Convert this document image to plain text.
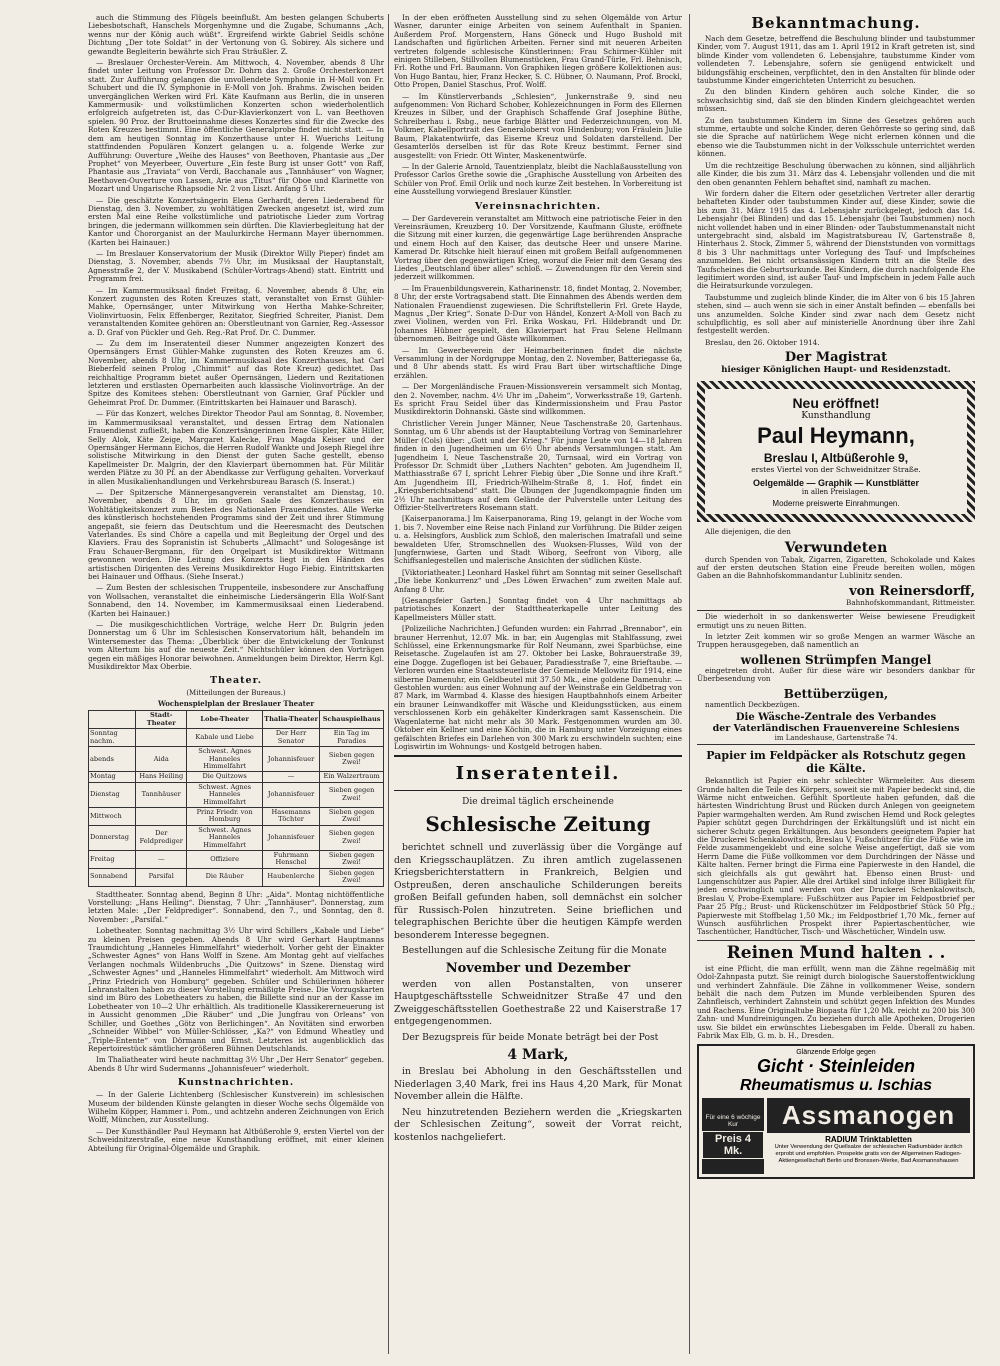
auch die Stimmung des Flügels beeinflußt. Am besten gelangen Schuberts Liebesbotschaft, Hanschels Morgenhymne und die Zugabe, Schumanns „Ach, wenns nur der König auch wüßt“. Ergreifend wirkte Gabriel Seidls schöne Dichtung „Der tote Soldat“ in der Vertonung von G. Sobirey. Als sichere und gewandte Begleiterin bewährte sich Frau Sträußler. Z.

— Breslauer Orchester-Verein. Am Mittwoch, 4. November, abends 8 Uhr findet unter Leitung von Professor Dr. Dohrn das 2. Große Orchesterkonzert statt. Zur Aufführung gelangen die unvollendete Symphonie in H-Moll von Fr. Schubert und die IV. Symphonie in E-Moll von Joh. Brahms. Zwischen beiden unvergänglichen Werken wird Frl. Käte Kaufmann aus Berlin, die in unseren Kammermusik- und volkstümlichen Konzerten schon wiederholentlich erfolgreich aufgetreten ist, das C-Dur-Klavierkonzert von L. van Beethoven spielen. 90 Proz. der Bruttoeinnahme dieses Konzertes sind für die Zwecke des Roten Kreuzes bestimmt. Eine öffentliche Generalprobe findet nicht statt. — In dem am heutigen Sonntag im Konzerthause unter H. Wuerichs Leitung stattfindenden Populären Konzert gelangen u. a. folgende Werke zur Aufführung: Ouverture „Weihe des Hauses“ von Beethoven, Phantasie aus „Der Prophet“ von Meyerbeer, Ouverture „Ein feste Burg ist unser Gott“ von Raff, Phantasie aus „Traviata“ von Verdi, Bacchanale aus „Tannhäuser“ von Wagner, Beethoven-Ouverture von Lassen, Arie aus „Titus“ für Oboe und Klarinette von Mozart und Ungarische Rhapsodie Nr. 2 von Liszt. Anfang 5 Uhr.

— Die geschätzte Konzertsängerin Elena Gerhardt, deren Liederabend für Dienstag, den 3. November, zu wohltätigen Zwecken angesetzt ist, wird zum ersten Mal eine Reihe volkstümliche und patriotische Lieder zum Vortrag bringen, die jedermann willkommen sein dürften. Die Klavierbegleitung hat der Kantor und Chororganist an der Maulurkirche Hermann Mayer übernommen. (Karten bei Hainauer.)

— Im Breslauer Konservatorium der Musik (Direktor Willy Pieper) findet am Dienstag, 3. November, abends 7½ Uhr, im Musiksaal der Hauptanstalt, Agnesstraße 2, der V. Musikabend (Schüler-Vortrags-Abend) statt. Eintritt und Programm frei.

— Im Kammermusiksaal findet Freitag, 6. November, abends 8 Uhr, ein Konzert zugunsten des Roten Kreuzes statt, veranstaltet von Ernst Gühler-Mahke, Opernsänger, unter Mitwirkung von Hertha Mahke-Schreiter, Violinvirtuosin, Felix Effenberger, Rezitator, Siegfried Schreiter, Pianist. Dem veranstaltenden Komitee gehören an: Oberstleutnant von Garnier, Reg.-Assessor a. D. Graf von Pückler und Geh. Reg.-Rat Prof. Dr. C. Dummer.

— Zu dem im Inseratenteil dieser Nummer angezeigten Konzert des Opernsängers Ernst Gühler-Mahke zugunsten des Roten Kreuzes am 6. November, abends 8 Uhr, im Kammermusiksaal des Konzerthauses, hat Carl Bieberfeld seinen Prolog „Chimmit“ auf das Rote Kreuz) gedichtet. Das reichhaltige Programm bietet außer Opernsängen, Liedern und Rezitationen letzteren und erstlasten Opernarbeiten auch klassische Violinvorträge. An der Spitze des Komitees stehen: Oberstleutnant von Garnier, Graf Pückler und Geheimrat Prof. Dr. Dummer. (Eintrittskarten bei Hainauer und Barasch).

— Für das Konzert, welches Direktor Theodor Paul am Sonntag, 8. November, im Kammermusiksaal veranstaltet, und dessen Ertrag dem Nationalen Frauendienst zufließt, haben die Konzertsängerinnen Irene Gispler, Käte Hiller, Selly Alok, Käte Zeige, Margaret Kalecke, Frau Magda Keiser und der Opernsänger Hermann Eichos, die Herren Rudolf Wankte und Joseph Riegel ihre solistische Mitwirkung in den Dienst der guten Sache gestellt, ebenso Kapellmeister Dr. Malgrin, der den Klavierpart übernommen hat. Für Militär werden Plätze zu 30 Pf. an der Abendkasse zur Verfügung gehalten. Vorverkauf in allen Musikalienhandlungen und Verkehrsbureau Barasch (S. Inserat.)

— Der Spitzersche Männergesangverein veranstaltet am Dienstag, 10. November, abends 8 Uhr, im großen Saale des Konzerthauses ein Wohltätigkeitskonzert zum Besten des Nationalen Frauendienstes. Alle Werke des künstlerisch hochstehenden Programms sind der Zeit und ihrer Stimmung angepaßt, sie feiern das Deutschtum und die Heeresmacht des Deutschen Vaterlandes. Es sind Chöre a capella und mit Begleitung der Orgel und des Klaviers. Frau des Sopranistin ist Schuberts „Allmacht“ und Sologesänge ist Frau Schauer-Bergmann, für den Orgelpart ist Musikdirektor Wittmann gewonnen worden. Die Leitung des Konzerts liegt in den Händen des artistischen Dirigenten des Vereins Musikdirektor Hugo Fiebig. Eintrittskarten bei Hainauer und Offhaus. (Siehe Inserat.)

— Zum Besten der schlesischen Truppenteile, insbesondere zur Anschaffung von Wollsachen, veranstaltet die einheimische Liedersängerin Ella Wolf-Sant Sonnabend, den 14. November, im Kammermusiksaal einen Liederabend. (Karten bei Hainauer.)

— Die musikgeschichtlichen Vorträge, welche Herr Dr. Bulgrin jeden Donnerstag um 6 Uhr im Schlesischen Konservatorium hält, behandeln im Wintersemester das Thema: „Überblick über die Entwickelung der Tonkunst vom Altertum bis auf die neueste Zeit.“ Nichtschüler können den Vorträgen gegen ein mäßiges Honorar beiwohnen. Anmeldungen beim Direktor, Herrn Kgl. Musikdirektor Max Oberbie.

Theater.
(Mitteilungen der Bureaus.)
Wochenspielplan der Breslauer Theater
	Stadt-Theater	Lobe-Theater	Thalia-Theater	Schauspielhaus
Sonntag nachm.		Kabale und Liebe	Der Herr Senator	Ein Tag im Paradies
abends	Aida	Schwest. Agnes Hanneles Himmelfahrt	Johannisfeuer	Sieben gegen Zwei!
Montag	Hans Heiling	Die Quitzows	—	Ein Walzertraum
Dienstag	Tannhäuser	Schwest. Agnes Hanneles Himmelfahrt	Johannisfeuer	Sieben gegen Zwei!
Mittwoch		Prinz Friedr. von Homburg	Hasemanns Töchter	Sieben gegen Zwei!
Donnerstag	Der Feldprediger	Schwest. Agnes Hanneles Himmelfahrt	Johannisfeuer	Sieben gegen Zwei!
Freitag	—	Offiziere	Fuhrmann Henschel	Sieben gegen Zwei!
Sonnabend	Parsifal	Die Räuber	Haubenlerche	Sieben gegen Zwei!

Stadttheater. Sonntag abend, Beginn 8 Uhr: „Aida“. Montag nichtöffentliche Vorstellung: „Hans Heiling“. Dienstag, 7 Uhr: „Tannhäuser“. Donnerstag, zum letzten Male: „Der Feldprediger“. Sonnabend, den 7., und Sonntag, den 8. November: „Parsifal.“

Lobetheater. Sonntag nachmittag 3½ Uhr wird Schillers „Kabale und Liebe“ zu kleinen Preisen gegeben. Abends 8 Uhr wird Gerhart Hauptmanns Traumdichtung „Hanneles Himmelfahrt“ wiederholt. Vorher geht der Einakter „Schwester Agnes“ von Hans Wolff in Szene. Am Montag geht auf vielfaches Verlangen nochmals Wildenbruchs „Die Quitzows“ in Szene. Dienstag wird „Schwester Agnes“ und „Hanneles Himmelfahrt“ wiederholt. Am Mittwoch wird „Prinz Friedrich von Homburg“ gegeben. Schüler und Schülerinnen höherer Lehranstalten haben zu dieser Vorstellung ermäßigte Preise. Die Vorzugskarten sind im Büro des Lobetheaters zu haben, die Billette sind nur an der Kasse im Lobetheater von 10—2 Uhr erhältlich. Als traditionelle Klassikererneuerung ist in Aussicht genommen „Die Räuber“ und „Die Jungfrau von Orleans“ von Schiller, und Goethes „Götz von Berlichingen“. An Novitäten sind erworben „Schneider Wibbel“ von Müller-Schlösser, „Ka?“ von Edmund Wheatley und „Triple-Entente“ von Dörmann und Ernst. Letzteres ist augenblicklich das Repertoirestück sämtlicher größeren Bühnen Deutschlands.

Im Thaliatheater wird heute nachmittag 3½ Uhr „Der Herr Senator“ gegeben. Abends 8 Uhr wird Sudermanns „Johannisfeuer“ wiederholt.

Kunstnachrichten.

— In der Galerie Lichtenberg (Schlesischer Kunstverein) im schlesischen Museum der bildenden Künste gelangten in dieser Woche sechs Ölgemälde von Wilhelm Köpper, Hammer i. Pom., und achtzehn anderen Zeichnungen von Erich Wolff, München, zur Ausstellung.

— Der Kunsthändler Paul Heymann hat Altbüßerohle 9, ersten Viertel von der Schweidnitzerstraße, eine neue Kunsthandlung eröffnet, mit einer kleinen Abteilung für Original-Ölgemälde und Graphik.

In der eben eröffneten Ausstellung sind zu sehen Ölgemälde von Artur Wasner, darunter einige Arbeiten von seinem Aufenthalt in Spanien. Außerdem Prof. Morgenstern, Hans Göneck und Hugo Bushold mit Landschaften und figürlichen Arbeiten. Ferner sind mit neueren Arbeiten vertreten folgende schlesische Künstlerinnen: Frau Schirmer-Kühler mit einigen Stilleben, Stillvollen Blumenstücken, Frau Grand-Türle, Frl. Behnisch, Frl. Rothe und Frl. Baumann. Von Graphiken liegen größere Kollektionen aus: Von Hugo Bantau, hier, Franz Hecker, S. C. Hübner, O. Naumann, Prof. Brockl, Otto Propen, Daniel Staschus, Prof. Wolff.

— Im Künstlerverbands „Schlesien“, Junkernstraße 9, sind neu aufgenommen: Von Richard Schober, Kohlezeichnungen in Form des Ellernen Kreuzes in Silber, und der Graphisch Schaffende Graf Josephine Büthe, Schreiberhau i. Rsbg., neue farbige Blätter und Federzeichnungen, von M. Volkmer, Kabellportrait des Generaloberst von Hindenburg; von Fräulein Julie Baum, Plakatentwürfe, das Eiserne Kreuz und Soldaten darstellend. Der Gesamterlös derselben ist für das Rote Kreuz bestimmt. Ferner sind ausgestellt: von Friedr. Ott Winter, Maskenentwürfe.

— In der Galerie Arnold, Tauentzienplatz, bleibt die Nachlaßausstellung von Professor Carlos Grethe sowie die „Graphische Ausstellung von Arbeiten des Schüler von Prof. Emil Orlik und noch kurze Zeit bestehen. In Vorbereitung ist eine Ausstellung vorwiegend Breslauer Künstler.

Vereinsnachrichten.

— Der Gardeverein veranstaltet am Mittwoch eine patriotische Feier in den Vereinsräumen, Kreuzberg 10. Der Vorsitzende, Kaufmann Gluste, eröffnete die Sitzung mit einer kurzen, die gegenwärtige Lage berührenden Ansprache und einem Hoch auf den Kaiser, das deutsche Heer und unsere Marine. Kamerad Dr. Ritschke hielt hierauf einen mit großem Beifall aufgenommenen Vortrag über den gegenwärtigen Krieg, worauf die Feier mit dem Gesang des Liedes „Deutschland über alles“ schloß. — Zuwendungen für den Verein sind jederzeit willkommen.

— Im Frauenbildungsverein, Katharinenstr. 18, findet Montag, 2. November, 8 Uhr, der erste Vortragsabend statt. Die Einnahmen des Abends werden dem Nationalen Frauendienst zugewiesen. Die Schriftstellerin Frl. Grete Hayde, Magnus „Der Krieg“. Sonate D-Dur von Händel, Konzert A-Moll von Bach zu zwei Violinen, werden von Frl. Erika Woskau, Frl. Hildebrandt und Dr. Johannes Hübner gespielt, den Klavierpart hat Frau Selene Hellmann übernommen. Beiträge und Gäste willkommen.

— Im Gewerbeverein der Heimarbeiterinnen findet die nächste Versammlung in der Nordgruppe Montag, den 2. November, Batteriegasse 6a, und 8 Uhr abends statt. Es wird Frau Bart über wirtschaftliche Dinge erzählen.

— Der Morgenländische Frauen-Missionsverein versammelt sich Montag, den 2. November, nachm. 4½ Uhr im „Daheim“, Vorwerksstraße 19, Gartenh. Es spricht Frau Seidel über das Kindermissionsheim und Frau Pastor Musikdirektorin Dohnanski. Gäste sind willkommen.

Christlicher Verein Junger Männer, Neue Taschenstraße 20, Gartenhaus. Sonntag, um 6 Uhr abends ist der Hauptabteilung Vortrag von Seminarlehrer Müller (Cols) über: „Gott und der Krieg.“ Für junge Leute von 14—18 Jahren finden in den Jugendheimen um 6½ Uhr abends Versammlungen statt. Am Jugendheim I, Neue Taschenstraße 20, Turnsaal, wird ein Vortrag von Professor Dr. Schmidt über „Luthers Nachten“ geboten. Am Jugendheim II, Matthiasstraße 67 I, spricht Lehrer Fiebig über „Die Sonne und ihre Kraft.“ Am Jugendheim III, Friedrich-Wilhelm-Straße 8, 1. Hof, findet ein „Kriegsberichtsabend“ statt. Die Übungen der Jugendkompagnie finden um 2½ Uhr nachmittags auf dem Gelände der Pulverstelle unter Leitung des Offizier-Stellvertreters Rosemann statt.

[Kaiserpanorama.] Im Kaiserpanorama, Ring 19, gelangt in der Woche vom 1. bis 7. November eine Reise nach Finland zur Vorführung. Die Bilder zeigen u. a. Helsingfors, Ausblick zum Schloß, den malerischen Imatrafall und seine bewaldeten Ufer, Stromschnellen des Wuoksen-Flusses, Wild von der Jungfernwiese, Garten und Stadt Wiborg, Seefront von Viborg, alle Schiffsanlegestellen und malerische Ansichten der südlichen Küste.

[Viktoriatheater.] Leonhard Haskel führt am Sonntag mit seiner Gesellschaft „Die liebe Konkurrenz“ und „Des Löwen Erwachen“ zum zweiten Male auf. Anfang 8 Uhr.

[Gesangsfeier Garten.] Sonntag findet von 4 Uhr nachmittags ab patriotisches Konzert der Stadttheaterkapelle unter Leitung des Kapellmeisters Müller statt.

[Polizeiliche Nachrichten.] Gefunden wurden: ein Fahrrad „Brennabor“, ein brauner Herrenhut, 12.07 Mk. in bar, ein Augenglas mit Stahlfassung, zwei Schlüssel, eine Erkennungsmarke für Rolf Neumann, zwei Sparbüchse, eine Reisetasche. Zugelaufen ist am 27. Oktober bei Laske, Bohrauerstraße 39, eine Dogge. Zugeflogen ist bei Gebauer, Paradiesstraße 7, eine Brieftaube. — Verloren wurden eine Staatssteuerliste der Gemeinde Mellowitz für 1914, eine silberne Damenuhr, ein Geldbeutel mit 37.50 Mk., eine goldene Damenuhr. — Gestohlen wurden: aus einer Wohnung auf der Weinstraße ein Geldbetrag von 87 Mark, im Warmbad 4. Klasse des hiesigen Hauptbahnhofs einem Arbeiter ein brauner Leinwandkoffer mit Wäsche und Kleidungsstücken, aus einem verschlossenen Korb ein gehäkelter Kinderkragen samt Kassenschein. Die Wagenlaterne hat nicht mehr als 30 Mark. Festgenommen wurden am 30. Oktober ein Kellner und eine Köchin, die in Hamburg unter Vorzeigung eines gefälschten Briefes ein Darlehen von 300 Mark zu erschwindeln suchten; eine Logiswirtin im Wohnungs- und Kostgeld betrogen haben.

Inseratenteil.

Die dreimal täglich erscheinende

Schlesische Zeitung

berichtet schnell und zuverlässig über die Vorgänge auf den Kriegsschauplätzen. Zu ihren amtlich zugelassenen Kriegsberichterstattern in Frankreich, Belgien und Ostpreußen, deren anschauliche Schilderungen bereits großen Beifall gefunden haben, soll demnächst ein solcher für Russisch-Polen hinzutreten. Seine brieflichen und telegraphischen Berichte über die heutigen Kämpfe werden besonderem Interesse begegnen.

Bestellungen auf die Schlesische Zeitung für die Monate

November und Dezember

werden von allen Postanstalten, von unserer Hauptgeschäftsstelle Schweidnitzer Straße 47 und den Zweiggeschäftsstellen Goethestraße 22 und Kaiserstraße 17 entgegengenommen.

Der Bezugspreis für beide Monate beträgt bei der Post

4 Mark,

in Breslau bei Abholung in den Geschäftsstellen und Niederlagen 3,40 Mark, frei ins Haus 4,20 Mark, für Monat November allein die Hälfte.

Neu hinzutretenden Beziehern werden die „Kriegskarten der Schlesischen Zeitung“, soweit der Vorrat reicht, kostenlos nachgeliefert.

Bekanntmachung.

Nach dem Gesetze, betreffend die Beschulung blinder und taubstummer Kinder, vom 7. August 1911, das am 1. April 1912 in Kraft getreten ist, sind blinde Kinder vom vollendeten 6. Lebensjahre, taubstumme Kinder vom vollendeten 7. Lebensjahre, sofern sie genügend entwickelt und bildungsfähig erscheinen, verpflichtet, den in den Anstalten für blinde oder taubstumme Kinder eingerichteten Unterricht zu besuchen.

Zu den blinden Kindern gehören auch solche Kinder, die so schwachsichtig sind, daß sie den blinden Kindern gleichgeachtet werden müssen.

Zu den taubstummen Kindern im Sinne des Gesetzes gehören auch stumme, ertaubte und solche Kinder, deren Gehörreste so gering sind, daß sie die Sprache auf natürlichem Wege nicht erlernen können und die ebenso wie die Taubstummen nicht in der Volksschule unterrichtet werden können.

Um die rechtzeitige Beschulung überwachen zu können, sind alljährlich alle Kinder, die bis zum 31. März das 4. Lebensjahr vollenden und die mit den oben genannten Fehlern behaftet sind, namhaft zu machen.

Wir fordern daher die Eltern oder gesetzlichen Vertreter aller derartig behafteten Kinder oder taubstummen Kinder auf, diese Kinder, sowie die bis zum 31. März 1915 das 4. Lebensjahr zurückgelegt, jedoch das 14. Lebensjahr (bei Blinden) und das 15. Lebensjahr (bei Taubstummen) noch nicht vollendet haben und in einer Blinden- oder Taubstummenanstalt nicht untergebracht sind, alsbald im Magistratsbureau IV, Gartenstraße 8, Hinterhaus 2. Stock, Zimmer 5, während der Dienststunden von vormittags 8 bis 3 Uhr nachmittags unter Vorlegung des Tauf- und Impfscheines anzumelden. Bei nicht ortsansässigen Kindern tritt an die Stelle des Taufscheines die Geburtsurkunde. Bei Kindern, die durch nachfolgende Ehe legitimiert worden sind, ist außer Tauf- und Impfschein in jedem Falle auch die Heiratsurkunde vorzulegen.

Taubstumme und zugleich blinde Kinder, die im Alter von 6 bis 15 Jahren stehen, sind — auch wenn sie sich in einer Anstalt befinden — ebenfalls bei uns anzumelden. Solche Kinder sind zwar nach dem Gesetz nicht schulpflichtig, es soll aber auf ministerielle Anordnung über ihre Zahl festgestellt werden.

Breslau, den 26. Oktober 1914.

Der Magistrat
hiesiger Königlichen Haupt- und Residenzstadt.
Neu eröffnet!
Kunsthandlung
Paul Heymann,
Breslau I, Altbüßerohle 9,
erstes Viertel von der Schweidnitzer Straße.
Oelgemälde — Graphik — Kunstblätter
in allen Preislagen.
Moderne preiswerte Einrahmungen.

Alle diejenigen, die den

Verwundeten

durch Spenden von Tabak, Zigarren, Zigaretten, Schokolade und Kakes auf der ersten deutschen Station eine Freude bereiten wollen, mögen Gaben an die Bahnhofskommandantur Lublinitz senden.

von Reinersdorff,

Bahnhofskommandant, Rittmeister.

Die wiederholt in so dankenswerter Weise bewiesene Freudigkeit ermutigt uns zu neuen Bitten.

In letzter Zeit kommen wir so große Mengen an warmer Wäsche an Truppen herausgegeben, daß namentlich an

wollenen Strümpfen Mangel

eingetreten droht. Außer für diese wäre wir besonders dankbar für Überbesendung von

Bettüberzügen,

namentlich Deckbezügen.

Die Wäsche-Zentrale des Verbandes
der Vaterländischen Frauenvereine Schlesiens
im Landeshause, Gartenstraße 74.
Papier im Feldpäcker als Rotschutz gegen die Kälte.

Bekanntlich ist Papier ein sehr schlechter Wärmeleiter. Aus diesem Grunde halten die Teile des Körpers, soweit sie mit Papier bedeckt sind, die Wärme nicht entweichen. Gefühlt Sportleute haben gefunden, daß die härtesten Windrichtung Brust und Rücken durch Anlegen von geeignetem Papier warmgehalten werden. Am Rund zwischen Hemd und Rock gelegtes Papier schützt gegen Durchdringen der Erkältungslüft und ist nicht ein sicherer Schutz gegen Erkältungen. Aus besonders geeignetem Papier hat die Druckerei Schenkalowitsch, Breslau V, Fußschützer für die Füße wie im Felde zusammengeklebt und eine solche Weise angefertigt, daß sie vom Herrn Dame die Füße vollkommen vor dem Durchdringen der Nässe und Kälte halten. Ferner bringt die Firma eine Papierweste in den Handel, die sich gleichfalls als gut gewährt hat. Ebenso einen Brust- und Lungenschützer aus Papier. Alle drei Artikel sind infolge ihrer Billigkeit für jeden erschwinglich und werden von der Druckerei Schenkalowitsch, Breslau V, Probe-Exemplare: Fußschützer aus Papier im Feldpostbrief per Paar 25 Pfg.; Brust- und Rückenschützer im Feldpostbrief Stück 50 Pfg.; Papierweste mit Stoffbelag 1,50 Mk.; im Feldpostbrief 1,70 Mk., ferner auf Wunsch ausführlichen Prospekt ihrer Papiertaschentücher, wie Taschentücher, Handtücher, Tisch- und Wäschetücher, Windeln usw.

Reinen Mund halten . .

ist eine Pflicht, die man erfüllt, wenn man die Zähne regelmäßig mit Odol-Zahnpasta putzt. Sie reinigt durch biologische Sauerstoffentwicklung und verhindert Zahnfäule. Die Zähne in vollkommener Weise, sondern behält die nach dem Putzen im Munde verbleibenden Spuren des Zahnfleisch, verhindert Zahnstein und schützt gegen Infektion des Mundes und Rachens. Eine Originaltube Biopasta für 1,20 Mk. reicht zu 200 bis 300 Zahn- und Mundreinigungen. Zu beziehen durch alle Apotheken, Drogerien usw. Sie bildet ein erwünschtes Liebesgaben im Felde. Überall zu haben. Fabrik Max Elb, G. m. b. H., Dresden.

Glänzende Erfolge gegen
Gicht · Steinleiden
Rheumatismus u. Ischias
Für eine 6 wöchige Kur
Preis 4 Mk.
Assmanogen
RADIUM Trinktabletten
Unter Verwendung der Quellsalze der schlesischen Radiumbäder ärztlich erprobt und empfohlen. Prospekte gratis von der Allgemeinen Radiogen-Aktiengesellschaft Berlin und Bronssen-Werke, Bad Assmannshausen
